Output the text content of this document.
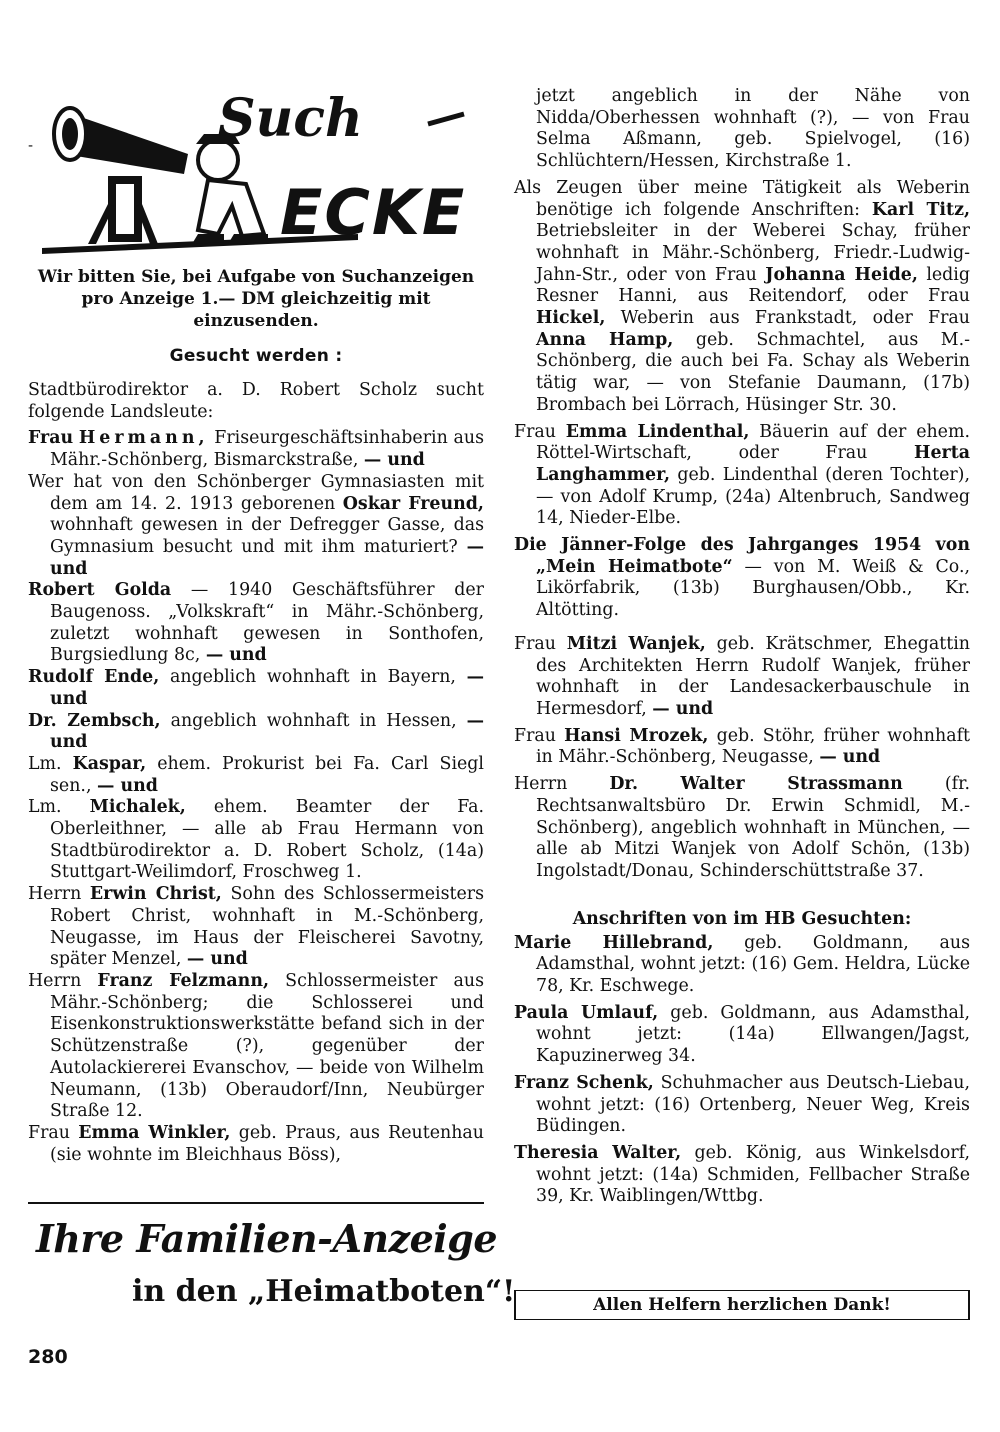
Such
ECKE
-

Wir bitten Sie, bei Aufgabe von Suchanzeigen pro Anzeige 1.— DM gleichzeitig mit einzusenden.

Gesucht werden :

Stadtbürodirektor a. D. Robert Scholz sucht folgende Landsleute:

Frau Hermann, Friseurgeschäftsinhaberin aus Mähr.-Schönberg, Bismarckstraße, — und

Wer hat von den Schönberger Gymnasiasten mit dem am 14. 2. 1913 geborenen Oskar Freund, wohnhaft gewesen in der Defregger Gasse, das Gymnasium besucht und mit ihm maturiert? — und

Robert Golda — 1940 Geschäftsführer der Baugenoss. „Volkskraft“ in Mähr.-Schönberg, zuletzt wohnhaft gewesen in Sonthofen, Burgsiedlung 8c, — und

Rudolf Ende, angeblich wohnhaft in Bayern, — und

Dr. Zembsch, angeblich wohnhaft in Hessen, — und

Lm. Kaspar, ehem. Prokurist bei Fa. Carl Siegl sen., — und

Lm. Michalek, ehem. Beamter der Fa. Oberleithner, — alle ab Frau Hermann von Stadtbürodirektor a. D. Robert Scholz, (14a) Stuttgart-Weilimdorf, Froschweg 1.

Herrn Erwin Christ, Sohn des Schlossermeisters Robert Christ, wohnhaft in M.-Schönberg, Neugasse, im Haus der Fleischerei Savotny, später Menzel, — und

Herrn Franz Felzmann, Schlossermeister aus Mähr.-Schönberg; die Schlosserei und Eisenkonstruktionswerkstätte befand sich in der Schützenstraße (?), gegenüber der Autolackiererei Evanschov, — beide von Wilhelm Neumann, (13b) Oberaudorf/Inn, Neubürger Straße 12.

Frau Emma Winkler, geb. Praus, aus Reutenhau (sie wohnte im Bleichhaus Böss),

Ihre Familien-Anzeige
in den „Heimatboten“!

jetzt angeblich in der Nähe von Nidda/Oberhessen wohnhaft (?), — von Frau Selma Aßmann, geb. Spielvogel, (16) Schlüchtern/Hessen, Kirchstraße 1.

Als Zeugen über meine Tätigkeit als Weberin benötige ich folgende Anschriften: Karl Titz, Betriebsleiter in der Weberei Schay, früher wohnhaft in Mähr.-Schönberg, Friedr.-Ludwig-Jahn-Str., oder von Frau Johanna Heide, ledig Resner Hanni, aus Reitendorf, oder Frau Hickel, Weberin aus Frankstadt, oder Frau Anna Hamp, geb. Schmachtel, aus M.-Schönberg, die auch bei Fa. Schay als Weberin tätig war, — von Stefanie Daumann, (17b) Brombach bei Lörrach, Hüsinger Str. 30.

Frau Emma Lindenthal, Bäuerin auf der ehem. Röttel-Wirtschaft, oder Frau Herta Langhammer, geb. Lindenthal (deren Tochter), — von Adolf Krump, (24a) Altenbruch, Sandweg 14, Nieder-Elbe.

Die Jänner-Folge des Jahrganges 1954 von „Mein Heimatbote“ — von M. Weiß & Co., Likörfabrik, (13b) Burghausen/Obb., Kr. Altötting.

Frau Mitzi Wanjek, geb. Krätschmer, Ehegattin des Architekten Herrn Rudolf Wanjek, früher wohnhaft in der Landesackerbauschule in Hermesdorf, — und

Frau Hansi Mrozek, geb. Stöhr, früher wohnhaft in Mähr.-Schönberg, Neugasse, — und

Herrn Dr. Walter Strassmann (fr. Rechtsanwaltsbüro Dr. Erwin Schmidl, M.-Schönberg), angeblich wohnhaft in München, — alle ab Mitzi Wanjek von Adolf Schön, (13b) Ingolstadt/Donau, Schinderschüttstraße 37.

Anschriften von im HB Gesuchten:

Marie Hillebrand, geb. Goldmann, aus Adamsthal, wohnt jetzt: (16) Gem. Heldra, Lücke 78, Kr. Eschwege.

Paula Umlauf, geb. Goldmann, aus Adamsthal, wohnt jetzt: (14a) Ellwangen/Jagst, Kapuzinerweg 34.

Franz Schenk, Schuhmacher aus Deutsch-Liebau, wohnt jetzt: (16) Ortenberg, Neuer Weg, Kreis Büdingen.

Theresia Walter, geb. König, aus Winkelsdorf, wohnt jetzt: (14a) Schmiden, Fellbacher Straße 39, Kr. Waiblingen/Wttbg.

Allen Helfern herzlichen Dank!
280
